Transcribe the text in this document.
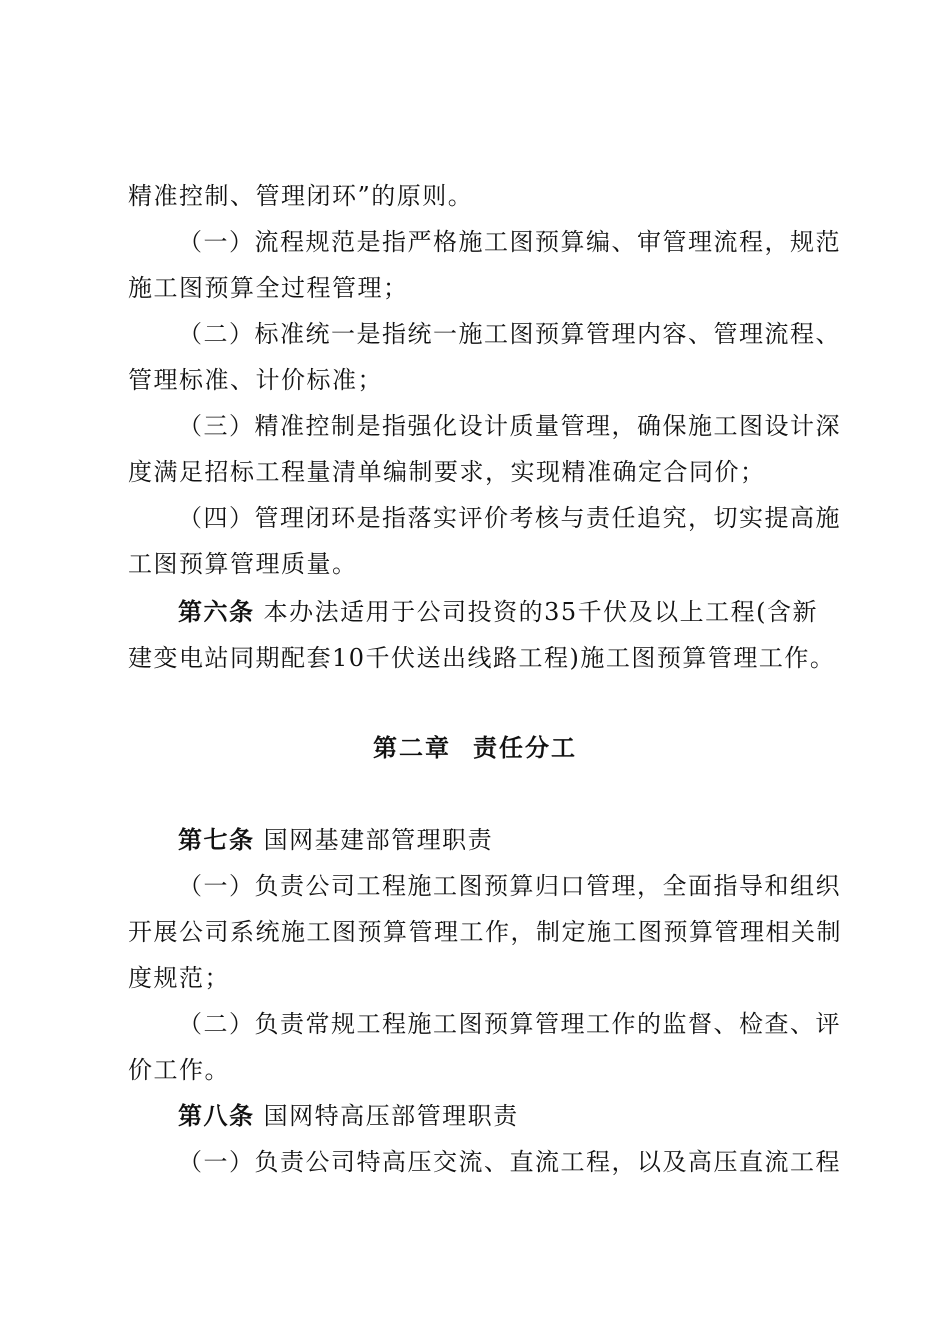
精准控制、管理闭环”的原则。
（一）流程规范是指严格施工图预算编、审管理流程，规范
施工图预算全过程管理；
（二）标准统一是指统一施工图预算管理内容、管理流程、
管理标准、计价标准；
（三）精准控制是指强化设计质量管理，确保施工图设计深
度满足招标工程量清单编制要求，实现精准确定合同价；
（四）管理闭环是指落实评价考核与责任追究，切实提高施
工图预算管理质量。
第六条 本办法适用于公司投资的35千伏及以上工程(含新
建变电站同期配套10千伏送出线路工程)施工图预算管理工作。
第二章 责任分工
第七条 国网基建部管理职责
（一）负责公司工程施工图预算归口管理，全面指导和组织
开展公司系统施工图预算管理工作，制定施工图预算管理相关制
度规范；
（二）负责常规工程施工图预算管理工作的监督、检查、评
价工作。
第八条 国网特高压部管理职责
（一）负责公司特高压交流、直流工程，以及高压直流工程
